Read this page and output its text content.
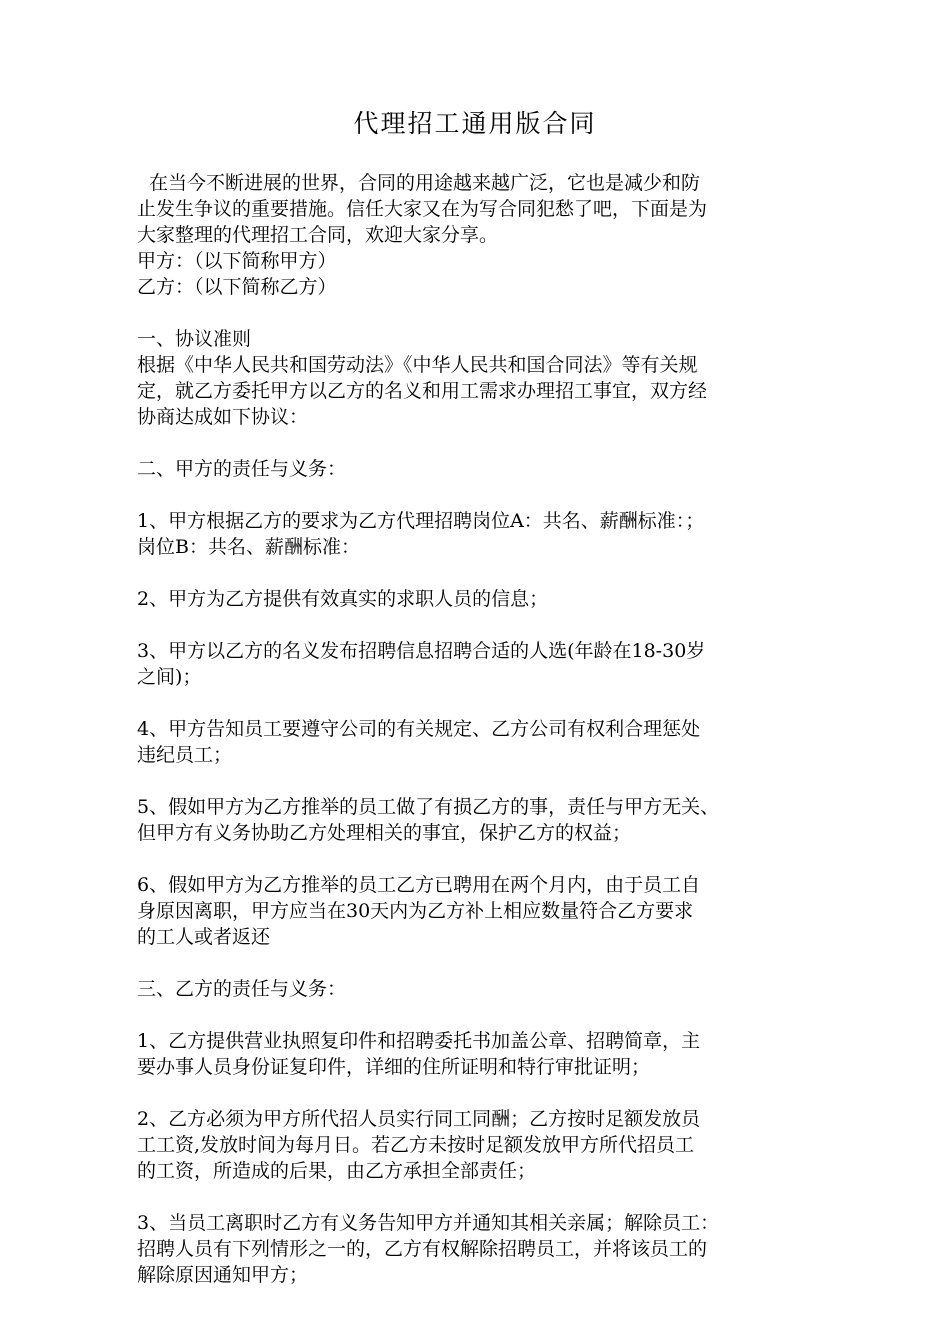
代理招工通用版合同
在当今不断进展的世界，合同的用途越来越广泛，它也是减少和防
止发生争议的重要措施。信任大家又在为写合同犯愁了吧，下面是为
大家整理的代理招工合同，欢迎大家分享。
甲方：（以下简称甲方）
乙方：（以下简称乙方）
一、协议准则
根据《中华人民共和国劳动法》《中华人民共和国合同法》等有关规
定，就乙方委托甲方以乙方的名义和用工需求办理招工事宜，双方经
协商达成如下协议：
二、甲方的责任与义务：
1、甲方根据乙方的要求为乙方代理招聘岗位A：共名、薪酬标准：；
岗位B：共名、薪酬标准：
2、甲方为乙方提供有效真实的求职人员的信息；
3、甲方以乙方的名义发布招聘信息招聘合适的人选(年龄在18-30岁
之间)；
4、甲方告知员工要遵守公司的有关规定、乙方公司有权利合理惩处
违纪员工；
5、假如甲方为乙方推举的员工做了有损乙方的事，责任与甲方无关、
但甲方有义务协助乙方处理相关的事宜，保护乙方的权益；
6、假如甲方为乙方推举的员工乙方已聘用在两个月内，由于员工自
身原因离职，甲方应当在30天内为乙方补上相应数量符合乙方要求
的工人或者返还
三、乙方的责任与义务：
1、乙方提供营业执照复印件和招聘委托书加盖公章、招聘简章，主
要办事人员身份证复印件，详细的住所证明和特行审批证明；
2、乙方必须为甲方所代招人员实行同工同酬；乙方按时足额发放员
工工资,发放时间为每月日。若乙方未按时足额发放甲方所代招员工
的工资，所造成的后果，由乙方承担全部责任；
3、当员工离职时乙方有义务告知甲方并通知其相关亲属；解除员工：
招聘人员有下列情形之一的，乙方有权解除招聘员工，并将该员工的
解除原因通知甲方；
